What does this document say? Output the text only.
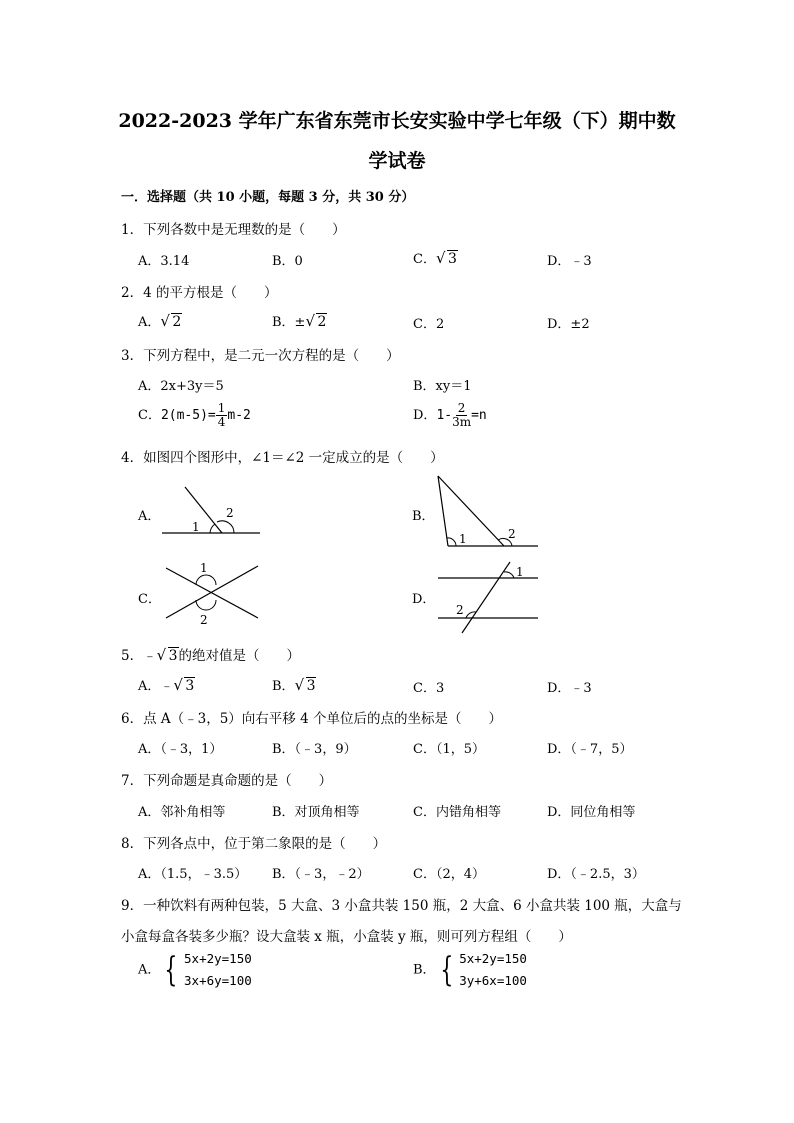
2022-2023 学年广东省东莞市长安实验中学七年级（下）期中数
学试卷
一．选择题（共 10 小题，每题 3 分，共 30 分）
1．下列各数中是无理数的是（　　）
A．3.14	B．0	C． √ 3	D．﹣3
2．4 的平方根是（　　）
A． √ 2	B．± √ 2	C．2	D．±2
3．下列方程中，是二元一次方程的是（　　）
A．2x+3y＝5	B．xy＝1
C．$2(m-5)= \frac{1}{4} m-2$	D．$1- \frac{2}{3m} =n$
4．如图四个图形中，∠1＝∠2 一定成立的是（　　）
A．
1
2	B．
1	2
C．
1
2
D．
1
2
5．﹣ √ 3的绝对值是（　　）
A．﹣ √ 3	B． √ 3	C．3	D．﹣3
6．点 A（﹣3，5）向右平移 4 个单位后的点的坐标是（　　）
A．（﹣3，1）	B．（﹣3，9）	C．（1，5）	D．（﹣7，5）
7．下列命题是真命题的是（　　）
A．邻补角相等	B．对顶角相等	C．内错角相等	D．同位角相等
8．下列各点中，位于第二象限的是（　　）
A．（1.5，﹣3.5） B．（﹣3，﹣2）	C．（2，4）	D．（﹣2.5，3）
9．一种饮料有两种包装，5 大盒、3 小盒共装 150 瓶，2 大盒、6 小盒共装 100 瓶，大盒与
小盒每盒各装多少瓶？设大盒装 x 瓶，小盒装 y 瓶，则可列方程组（　　）
A． { 5x+2y=150
3x+6y=100
B． { 5x+2y=150
3y+6x=100
